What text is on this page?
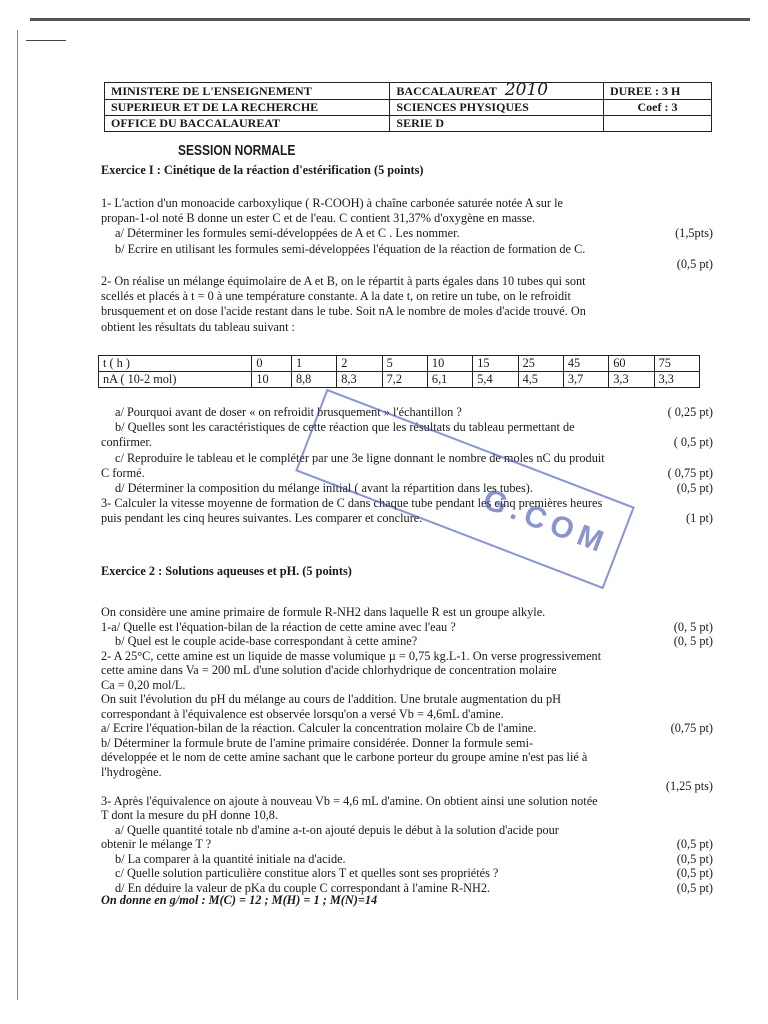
MINISTERE DE L'ENSEIGNEMENT	BACCALAUREAT 2010	DUREE : 3 H
SUPERIEUR ET DE LA RECHERCHE	SCIENCES PHYSIQUES	Coef : 3
OFFICE DU BACCALAUREAT	SERIE D	
SESSION NORMALE

Exercice I : Cinétique de la réaction d'estérification (5 points)

1- L'action d'un monoacide carboxylique ( R-COOH) à chaîne carbonée saturée notée A sur le

propan-1-ol noté B donne un ester C et de l'eau. C contient 31,37% d'oxygène en masse.

a/ Déterminer les formules semi-développées de A et C . Les nommer.	(1,5pts)

b/ Ecrire en utilisant les formules semi-développées l'équation de la réaction de formation de C.

(0,5 pt)

2- On réalise un mélange équimolaire de A et B, on le répartit à parts égales dans 10 tubes qui sont

scellés et placés à t = 0 à une température constante. A la date t, on retire un tube, on le refroidit

brusquement et on dose l'acide restant dans le tube. Soit nA le nombre de moles d'acide trouvé. On

obtient les résultats du tableau suivant :

t ( h )	0	1	2	5	10	15	25	45	60	75
nA ( 10-2 mol)	10	8,8	8,3	7,2	6,1	5,4	4,5	3,7	3,3	3,3

a/ Pourquoi avant de doser « on refroidit brusquement » l'échantillon ?	( 0,25 pt)

b/ Quelles sont les caractéristiques de cette réaction que les résultats du tableau permettant de

confirmer.	( 0,5 pt)

c/ Reproduire le tableau et le compléter par une 3e ligne donnant le nombre de moles nC du produit

C formé.	( 0,75 pt)

d/ Déterminer la composition du mélange initial ( avant la répartition dans les tubes).	(0,5 pt)

3- Calculer la vitesse moyenne de formation de C dans chaque tube pendant les cinq premières heures

puis pendant les cinq heures suivantes. Les comparer et conclure.	(1 pt)

G.COM

Exercice 2 : Solutions aqueuses et pH. (5 points)

On considère une amine primaire de formule R-NH2 dans laquelle R est un groupe alkyle.

1-a/ Quelle est l'équation-bilan de la réaction de cette amine avec l'eau ?	(0, 5 pt)

b/ Quel est le couple acide-base correspondant à cette amine?	(0, 5 pt)

2- A 25°C, cette amine est un liquide de masse volumique µ = 0,75 kg.L-1. On verse progressivement

cette amine dans Va = 200 mL d'une solution d'acide chlorhydrique de concentration molaire

Ca = 0,20 mol/L.

On suit l'évolution du pH du mélange au cours de l'addition. Une brutale augmentation du pH

correspondant à l'équivalence est observée lorsqu'on a versé Vb = 4,6mL d'amine.

a/ Ecrire l'équation-bilan de la réaction. Calculer la concentration molaire Cb de l'amine.	(0,75 pt)

b/ Déterminer la formule brute de l'amine primaire considérée. Donner la formule semi-

développée et le nom de cette amine sachant que le carbone porteur du groupe amine n'est pas lié à

l'hydrogène.

(1,25 pts)

3- Après l'équivalence on ajoute à nouveau Vb = 4,6 mL d'amine. On obtient ainsi une solution notée

T dont la mesure du pH donne 10,8.

a/ Quelle quantité totale nb d'amine a-t-on ajouté depuis le début à la solution d'acide pour

obtenir le mélange T ?	(0,5 pt)

b/ La comparer à la quantité initiale na d'acide.	(0,5 pt)

c/ Quelle solution particulière constitue alors T et quelles sont ses propriétés ?	(0,5 pt)

d/ En déduire la valeur de pKa du couple C correspondant à l'amine R-NH2.	(0,5 pt)

On donne en g/mol : M(C) = 12 ; M(H) = 1 ; M(N)=14
